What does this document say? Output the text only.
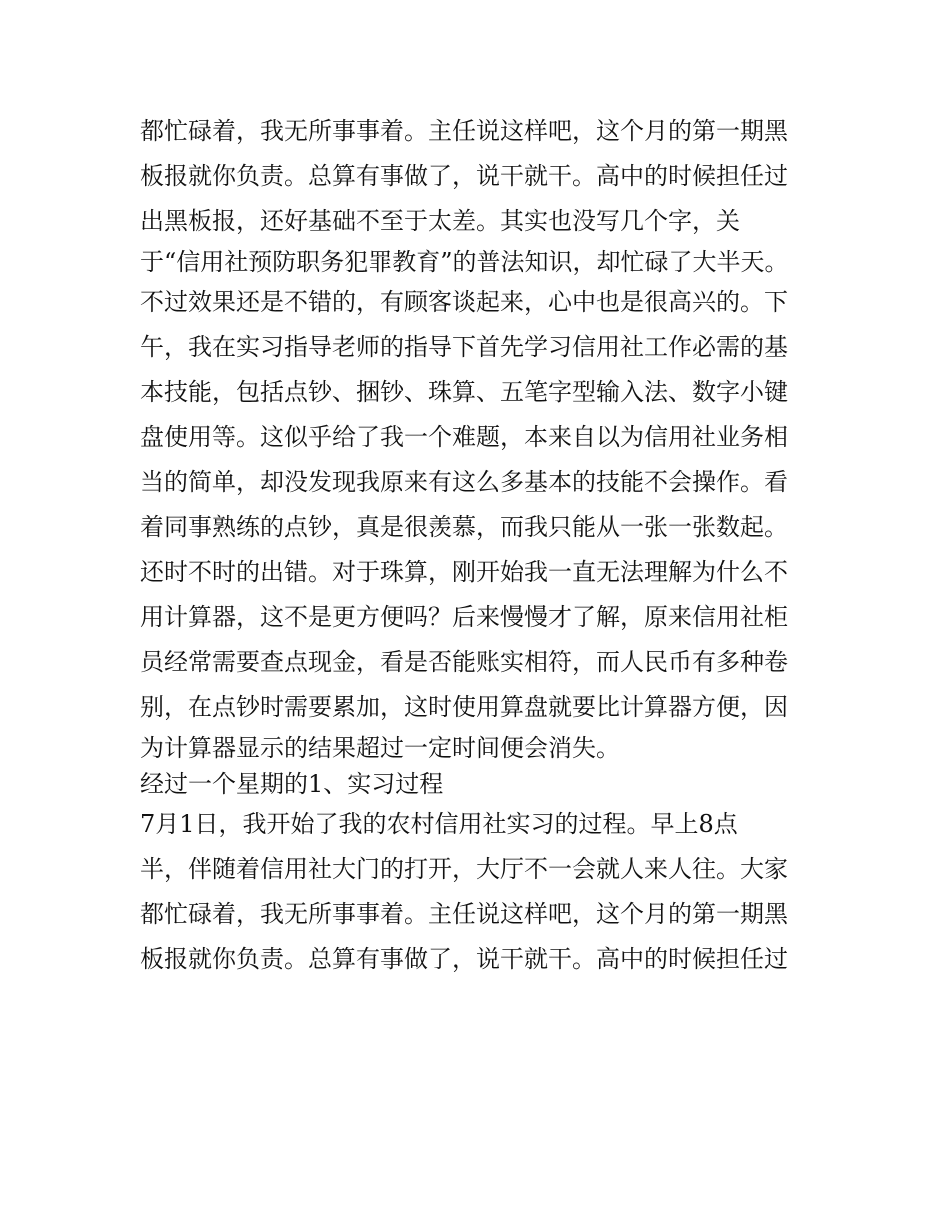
都忙碌着，我无所事事着。主任说这样吧，这个月的第一期黑
板报就你负责。总算有事做了，说干就干。高中的时候担任过
出黑板报，还好基础不至于太差。其实也没写几个字，关
于“信用社预防职务犯罪教育”的普法知识，却忙碌了大半天。
不过效果还是不错的，有顾客谈起来，心中也是很高兴的。下
午，我在实习指导老师的指导下首先学习信用社工作必需的基
本技能，包括点钞、捆钞、珠算、五笔字型输入法、数字小键
盘使用等。这似乎给了我一个难题，本来自以为信用社业务相
当的简单，却没发现我原来有这么多基本的技能不会操作。看
着同事熟练的点钞，真是很羡慕，而我只能从一张一张数起。
还时不时的出错。对于珠算，刚开始我一直无法理解为什么不
用计算器，这不是更方便吗？后来慢慢才了解，原来信用社柜
员经常需要查点现金，看是否能账实相符，而人民币有多种卷
别，在点钞时需要累加，这时使用算盘就要比计算器方便，因
为计算器显示的结果超过一定时间便会消失。
经过一个星期的1、实习过程
7月1日，我开始了我的农村信用社实习的过程。早上8点
半，伴随着信用社大门的打开，大厅不一会就人来人往。大家
都忙碌着，我无所事事着。主任说这样吧，这个月的第一期黑
板报就你负责。总算有事做了，说干就干。高中的时候担任过
